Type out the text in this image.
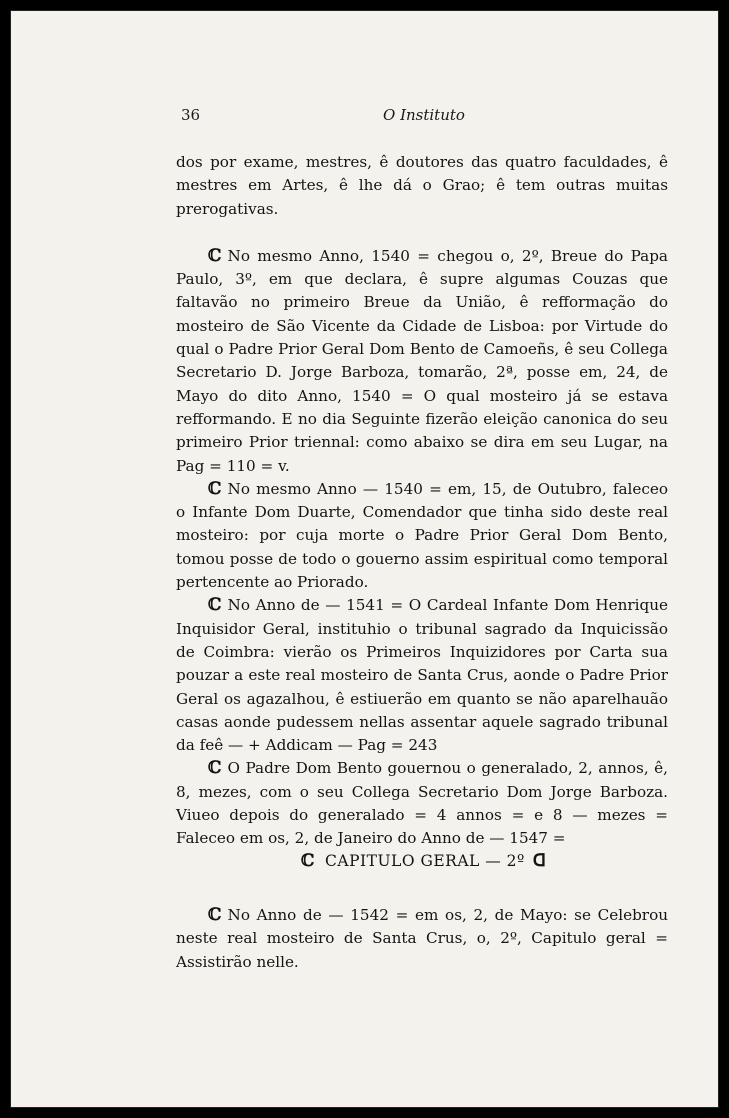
36	O Instituto

dos por exame, mestres, ê doutores das quatro faculdades, ê mestres em Artes, ê lhe dá o Grao; ê tem outras muitas prerogativas.

ℂ No mesmo Anno, 1540 = chegou o, 2º, Breue do Papa Paulo, 3º, em que declara, ê supre algumas Couzas que faltavão no primeiro Breue da União, ê refformação do mosteiro de São Vicente da Cidade de Lisboa: por Virtude do qual o Padre Prior Geral Dom Bento de Camoeñs, ê seu Collega Secretario D. Jorge Barboza, tomarão, 2ª, posse em, 24, de Mayo do dito Anno, 1540 = O qual mosteiro já se estava refformando. E no dia Seguinte fizerão eleição canonica do seu primeiro Prior triennal: como abaixo se dira em seu Lugar, na Pag = 110 = v.

ℂ No mesmo Anno — 1540 = em, 15, de Outubro, faleceo o Infante Dom Duarte, Comendador que tinha sido deste real mosteiro: por cuja morte o Padre Prior Geral Dom Bento, tomou posse de todo o gouerno assim espiritual como temporal pertencente ao Priorado.

ℂ No Anno de — 1541 = O Cardeal Infante Dom Henrique Inquisidor Geral, instituhio o tribunal sagrado da Inquicissão de Coimbra: vierão os Primeiros Inquizidores por Carta sua pouzar a este real mosteiro de Santa Crus, aonde o Padre Prior Geral os agazalhou, ê estiuerão em quanto se não aparelhauão casas aonde pudessem nellas assentar aquele sagrado tribunal da feê — + Addicam — Pag = 243

ℂ O Padre Dom Bento gouernou o generalado, 2, annos, ê, 8, mezes, com o seu Collega Secretario Dom Jorge Barboza. Viueo depois do generalado = 4 annos = e 8 — mezes = Faleceo em os, 2, de Janeiro do Anno de — 1547 =

ℂ CAPITULO GERAL — 2º ᗡ

ℂ No Anno de — 1542 = em os, 2, de Mayo: se Celebrou neste real mosteiro de Santa Crus, o, 2º, Capitulo geral = Assistirão nelle.
